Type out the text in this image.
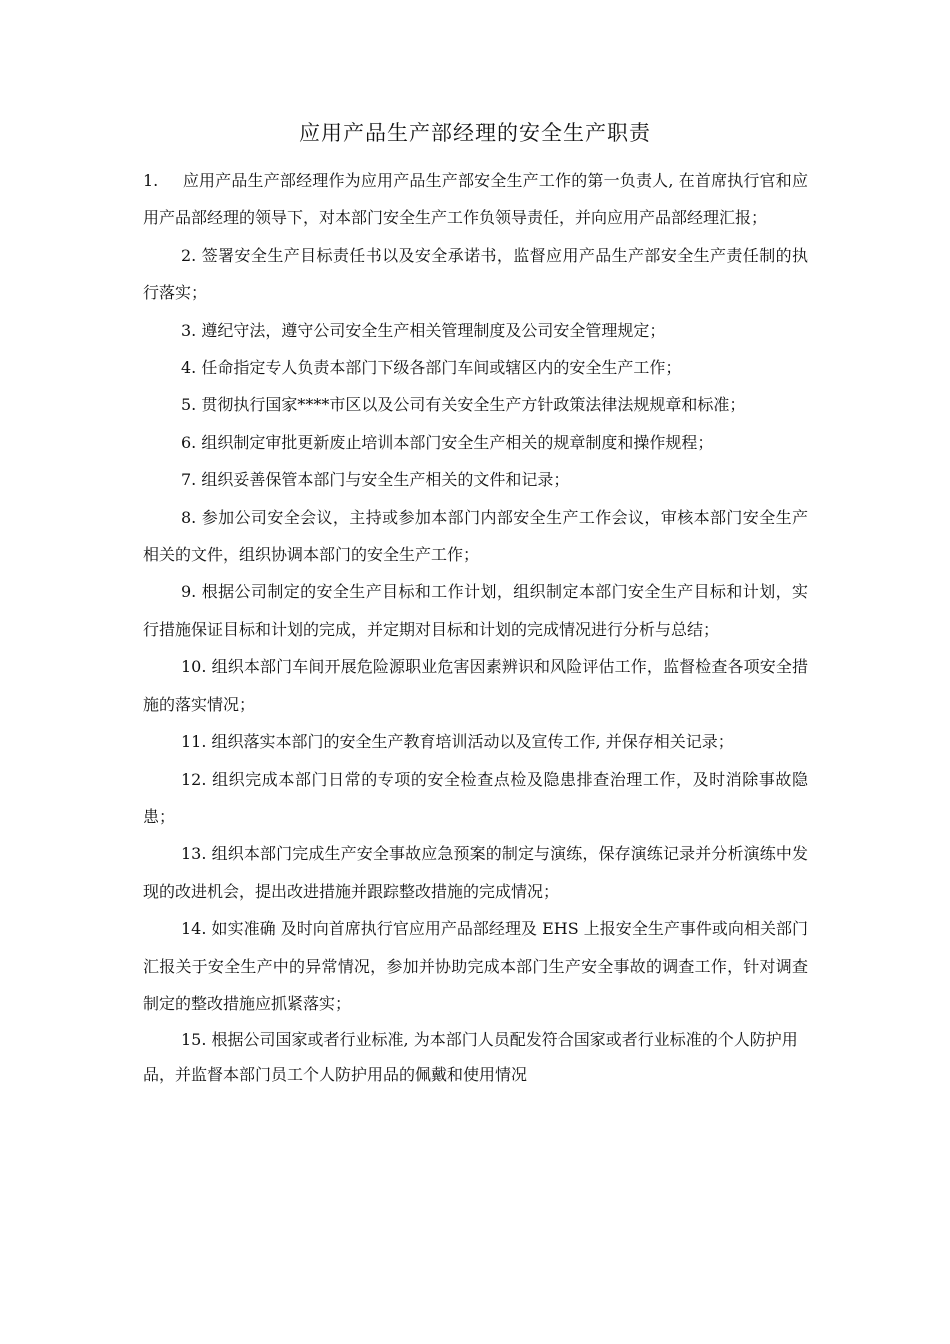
应用产品生产部经理的安全生产职责

1.　 应用产品生产部经理作为应用产品生产部安全生产工作的第一负责人, 在首席执行官和应用产品部经理的领导下，对本部门安全生产工作负领导责任，并向应用产品部经理汇报；

2. 签署安全生产目标责任书以及安全承诺书，监督应用产品生产部安全生产责任制的执行落实；

3. 遵纪守法，遵守公司安全生产相关管理制度及公司安全管理规定；

4. 任命指定专人负责本部门下级各部门车间或辖区内的安全生产工作；

5. 贯彻执行国家****市区以及公司有关安全生产方针政策法律法规规章和标准；

6. 组织制定审批更新废止培训本部门安全生产相关的规章制度和操作规程；

7. 组织妥善保管本部门与安全生产相关的文件和记录；

8. 参加公司安全会议，主持或参加本部门内部安全生产工作会议，审核本部门安全生产相关的文件，组织协调本部门的安全生产工作；

9. 根据公司制定的安全生产目标和工作计划，组织制定本部门安全生产目标和计划，实行措施保证目标和计划的完成，并定期对目标和计划的完成情况进行分析与总结；

10. 组织本部门车间开展危险源职业危害因素辨识和风险评估工作，监督检查各项安全措施的落实情况；

11. 组织落实本部门的安全生产教育培训活动以及宣传工作, 并保存相关记录；

12. 组织完成本部门日常的专项的安全检查点检及隐患排查治理工作，及时消除事故隐患；

13. 组织本部门完成生产安全事故应急预案的制定与演练，保存演练记录并分析演练中发现的改进机会，提出改进措施并跟踪整改措施的完成情况；

14. 如实准确 及时向首席执行官应用产品部经理及 EHS 上报安全生产事件或向相关部门汇报关于安全生产中的异常情况，参加并协助完成本部门生产安全事故的调查工作，针对调查制定的整改措施应抓紧落实；

15. 根据公司国家或者行业标准, 为本部门人员配发符合国家或者行业标准的个人防护用品，并监督本部门员工个人防护用品的佩戴和使用情况
